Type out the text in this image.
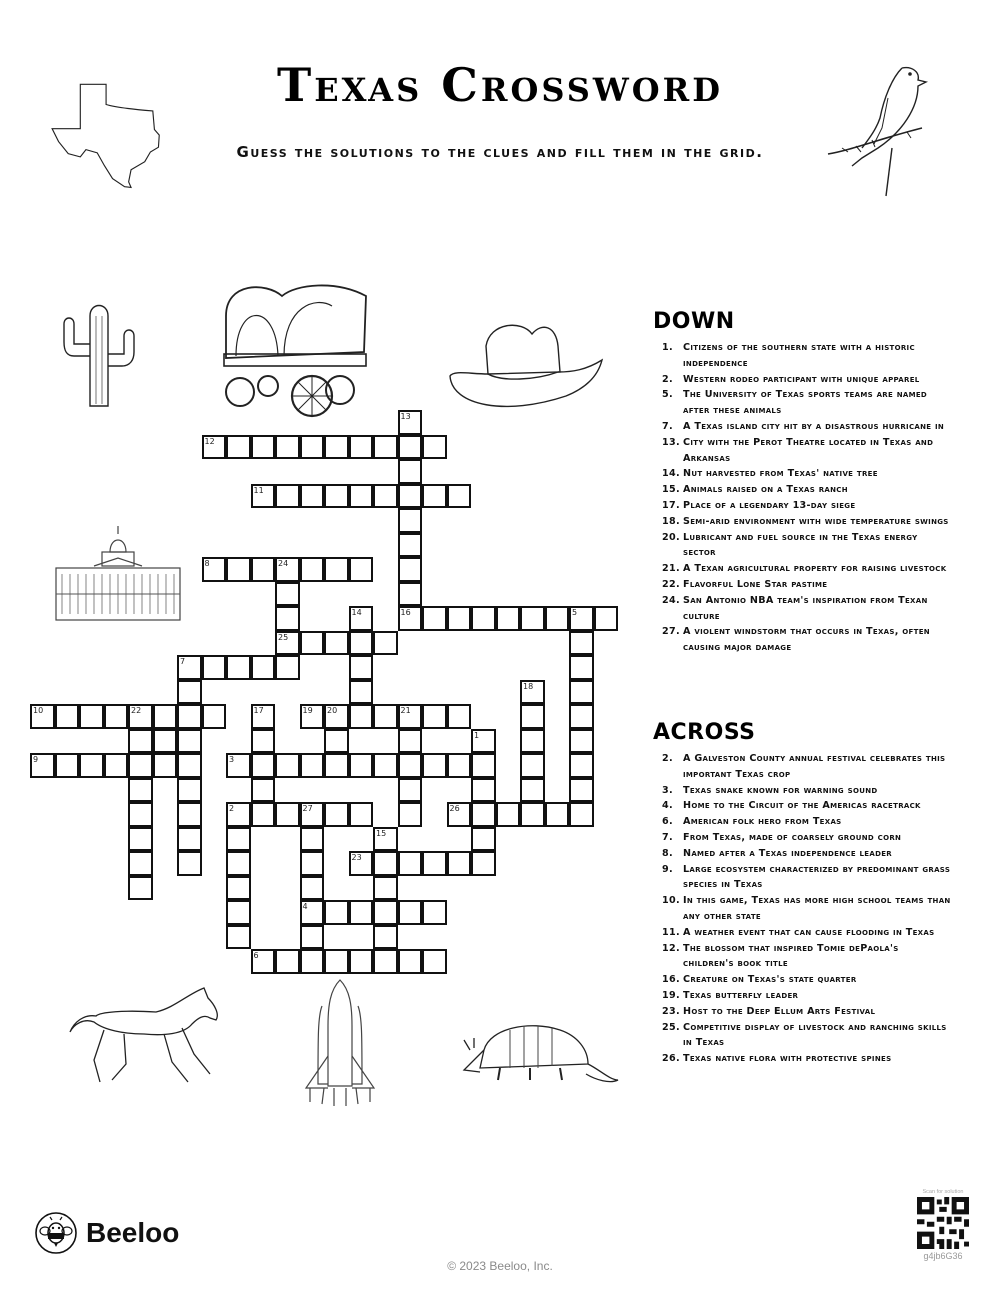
Texas Crossword
Guess the solutions to the clues and fill them in the grid.
13
16
12
11
8	24
25
14	5
7
18
10	22	17	19 20	21
1
9	3
2	27
4
26
15
23
6
DOWN
1. Citizens of the southern state with a historic independence
2. Western rodeo participant with unique apparel
5. The University of Texas sports teams are named after these animals
7. A Texas island city hit by a disastrous hurricane in
13. City with the Perot Theatre located in Texas and Arkansas
14. Nut harvested from Texas' native tree
15. Animals raised on a Texas ranch
17. Place of a legendary 13-day siege
18. Semi-arid environment with wide temperature swings
20. Lubricant and fuel source in the Texas energy sector
21. A Texan agricultural property for raising livestock
22. Flavorful Lone Star pastime
24. San Antonio NBA team's inspiration from Texan culture
27. A violent windstorm that occurs in Texas, often causing major damage
ACROSS
2. A Galveston County annual festival celebrates this important Texas crop
3. Texas snake known for warning sound
4. Home to the Circuit of the Americas racetrack
6. American folk hero from Texas
7. From Texas, made of coarsely ground corn
8. Named after a Texas independence leader
9. Large ecosystem characterized by predominant grass species in Texas
10. In this game, Texas has more high school teams than any other state
11. A weather event that can cause flooding in Texas
12. The blossom that inspired Tomie dePaola's children's book title
16. Creature on Texas's state quarter
19. Texas butterfly leader
23. Host to the Deep Ellum Arts Festival
25. Competitive display of livestock and ranching skills in Texas
26. Texas native flora with protective spines
Beeloo
© 2023 Beeloo, Inc.
Scan for solution
g4jb6G36
